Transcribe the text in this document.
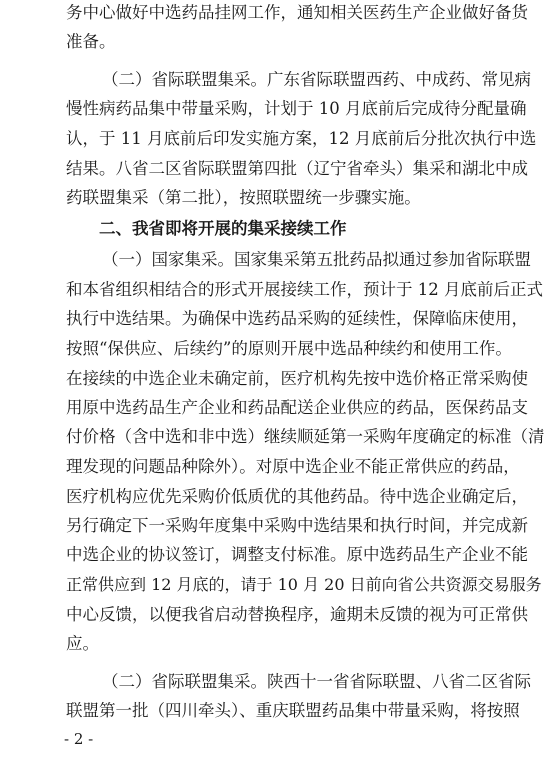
务中心做好中选药品挂网工作，通知相关医药生产企业做好备货
准备。
（二）省际联盟集采。广东省际联盟西药、中成药、常见病
慢性病药品集中带量采购，计划于 10 月底前后完成待分配量确
认，于 11 月底前后印发实施方案，12 月底前后分批次执行中选
结果。八省二区省际联盟第四批（辽宁省牵头）集采和湖北中成
药联盟集采（第二批），按照联盟统一步骤实施。
二、我省即将开展的集采接续工作
（一）国家集采。国家集采第五批药品拟通过参加省际联盟
和本省组织相结合的形式开展接续工作，预计于 12 月底前后正式
执行中选结果。为确保中选药品采购的延续性，保障临床使用，
按照“保供应、后续约”的原则开展中选品种续约和使用工作。
在接续的中选企业未确定前，医疗机构先按中选价格正常采购使
用原中选药品生产企业和药品配送企业供应的药品，医保药品支
付价格（含中选和非中选）继续顺延第一采购年度确定的标准（清
理发现的问题品种除外）。对原中选企业不能正常供应的药品，
医疗机构应优先采购价低质优的其他药品。待中选企业确定后，
另行确定下一采购年度集中采购中选结果和执行时间，并完成新
中选企业的协议签订，调整支付标准。原中选药品生产企业不能
正常供应到 12 月底的，请于 10 月 20 日前向省公共资源交易服务
中心反馈，以便我省启动替换程序，逾期未反馈的视为可正常供
应。
（二）省际联盟集采。陕西十一省省际联盟、八省二区省际
联盟第一批（四川牵头）、重庆联盟药品集中带量采购，将按照
- 2 -
